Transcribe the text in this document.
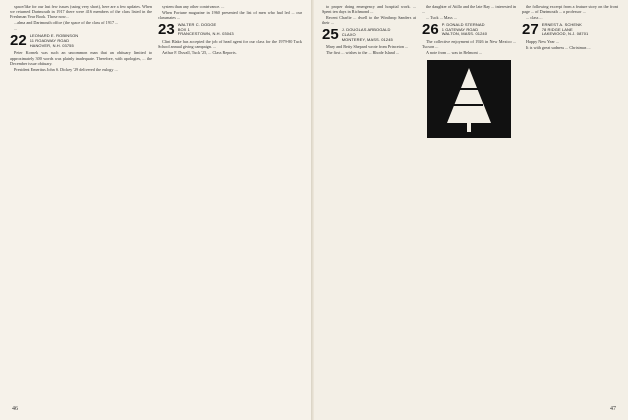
space/like for our last few issues (using very short), here are a few updates. When we returned Dartmouth in 1917 there were 416 members of the class listed in the Freshman Year Book. Those now...

...alma and Dartmouth office (the space of the class of 1917 ...

...

22 LEONARD E. ROBINSON
11 ROADWAY ROAD
HANOVER, N.H. 03755

Peter Kornek was such an uncommon man that an obituary limited to approximately 300 words was plainly inadequate. Therefore, with apologies, ... the December issue obituary.

President Emeritus John S. Dickey '29 delivered the eulogy ...

system than any other contrivance. ...

When Fortune magazine in 1960 presented the list of men who had led ... our classmates ...

23 WALTER C. DODGE
BOX 1
FRANCESTOWN, N.H. 03043

Clint Blake has accepted the job of head agent for our class for the 1979-80 Tuck School annual giving campaign. ...

Arthur F. Duvall, Tuck '25, ... Class Reports.

46

to proper doing emergency and hospital work. ... Spent ten days in Richmond ...

Recent Charlie ... dwell to the Winthrop Sanders at their ...

25 J. DOUGLAS ARBOGALD
CLAXO
MONTEREY, MASS. 01245

Mary and Betty Shepard wrote from Princeton ...

The first ... wishes to the ... Rhode Island ...

the daughter of Atillo and the late Ray ... interested in ...

... Tuck ... Mass ...

26 P. DONALD STERNAD
1 GATEWAY ROAD
WALTON, MASS. 01240

The collective enjoyment of 1926 in New Mexico ... Tucson ...

A note from ... was in Belmont ...

the following excerpt from a feature story on the front page ... of Dartmouth ... a professor ...

... class ...

27 ERNEST A. SCHENK
78 RIDGE LANE
LAKEWOOD, N.J. 08701

Happy New Year ...

It is with great sadness ... Christmas ...

47
